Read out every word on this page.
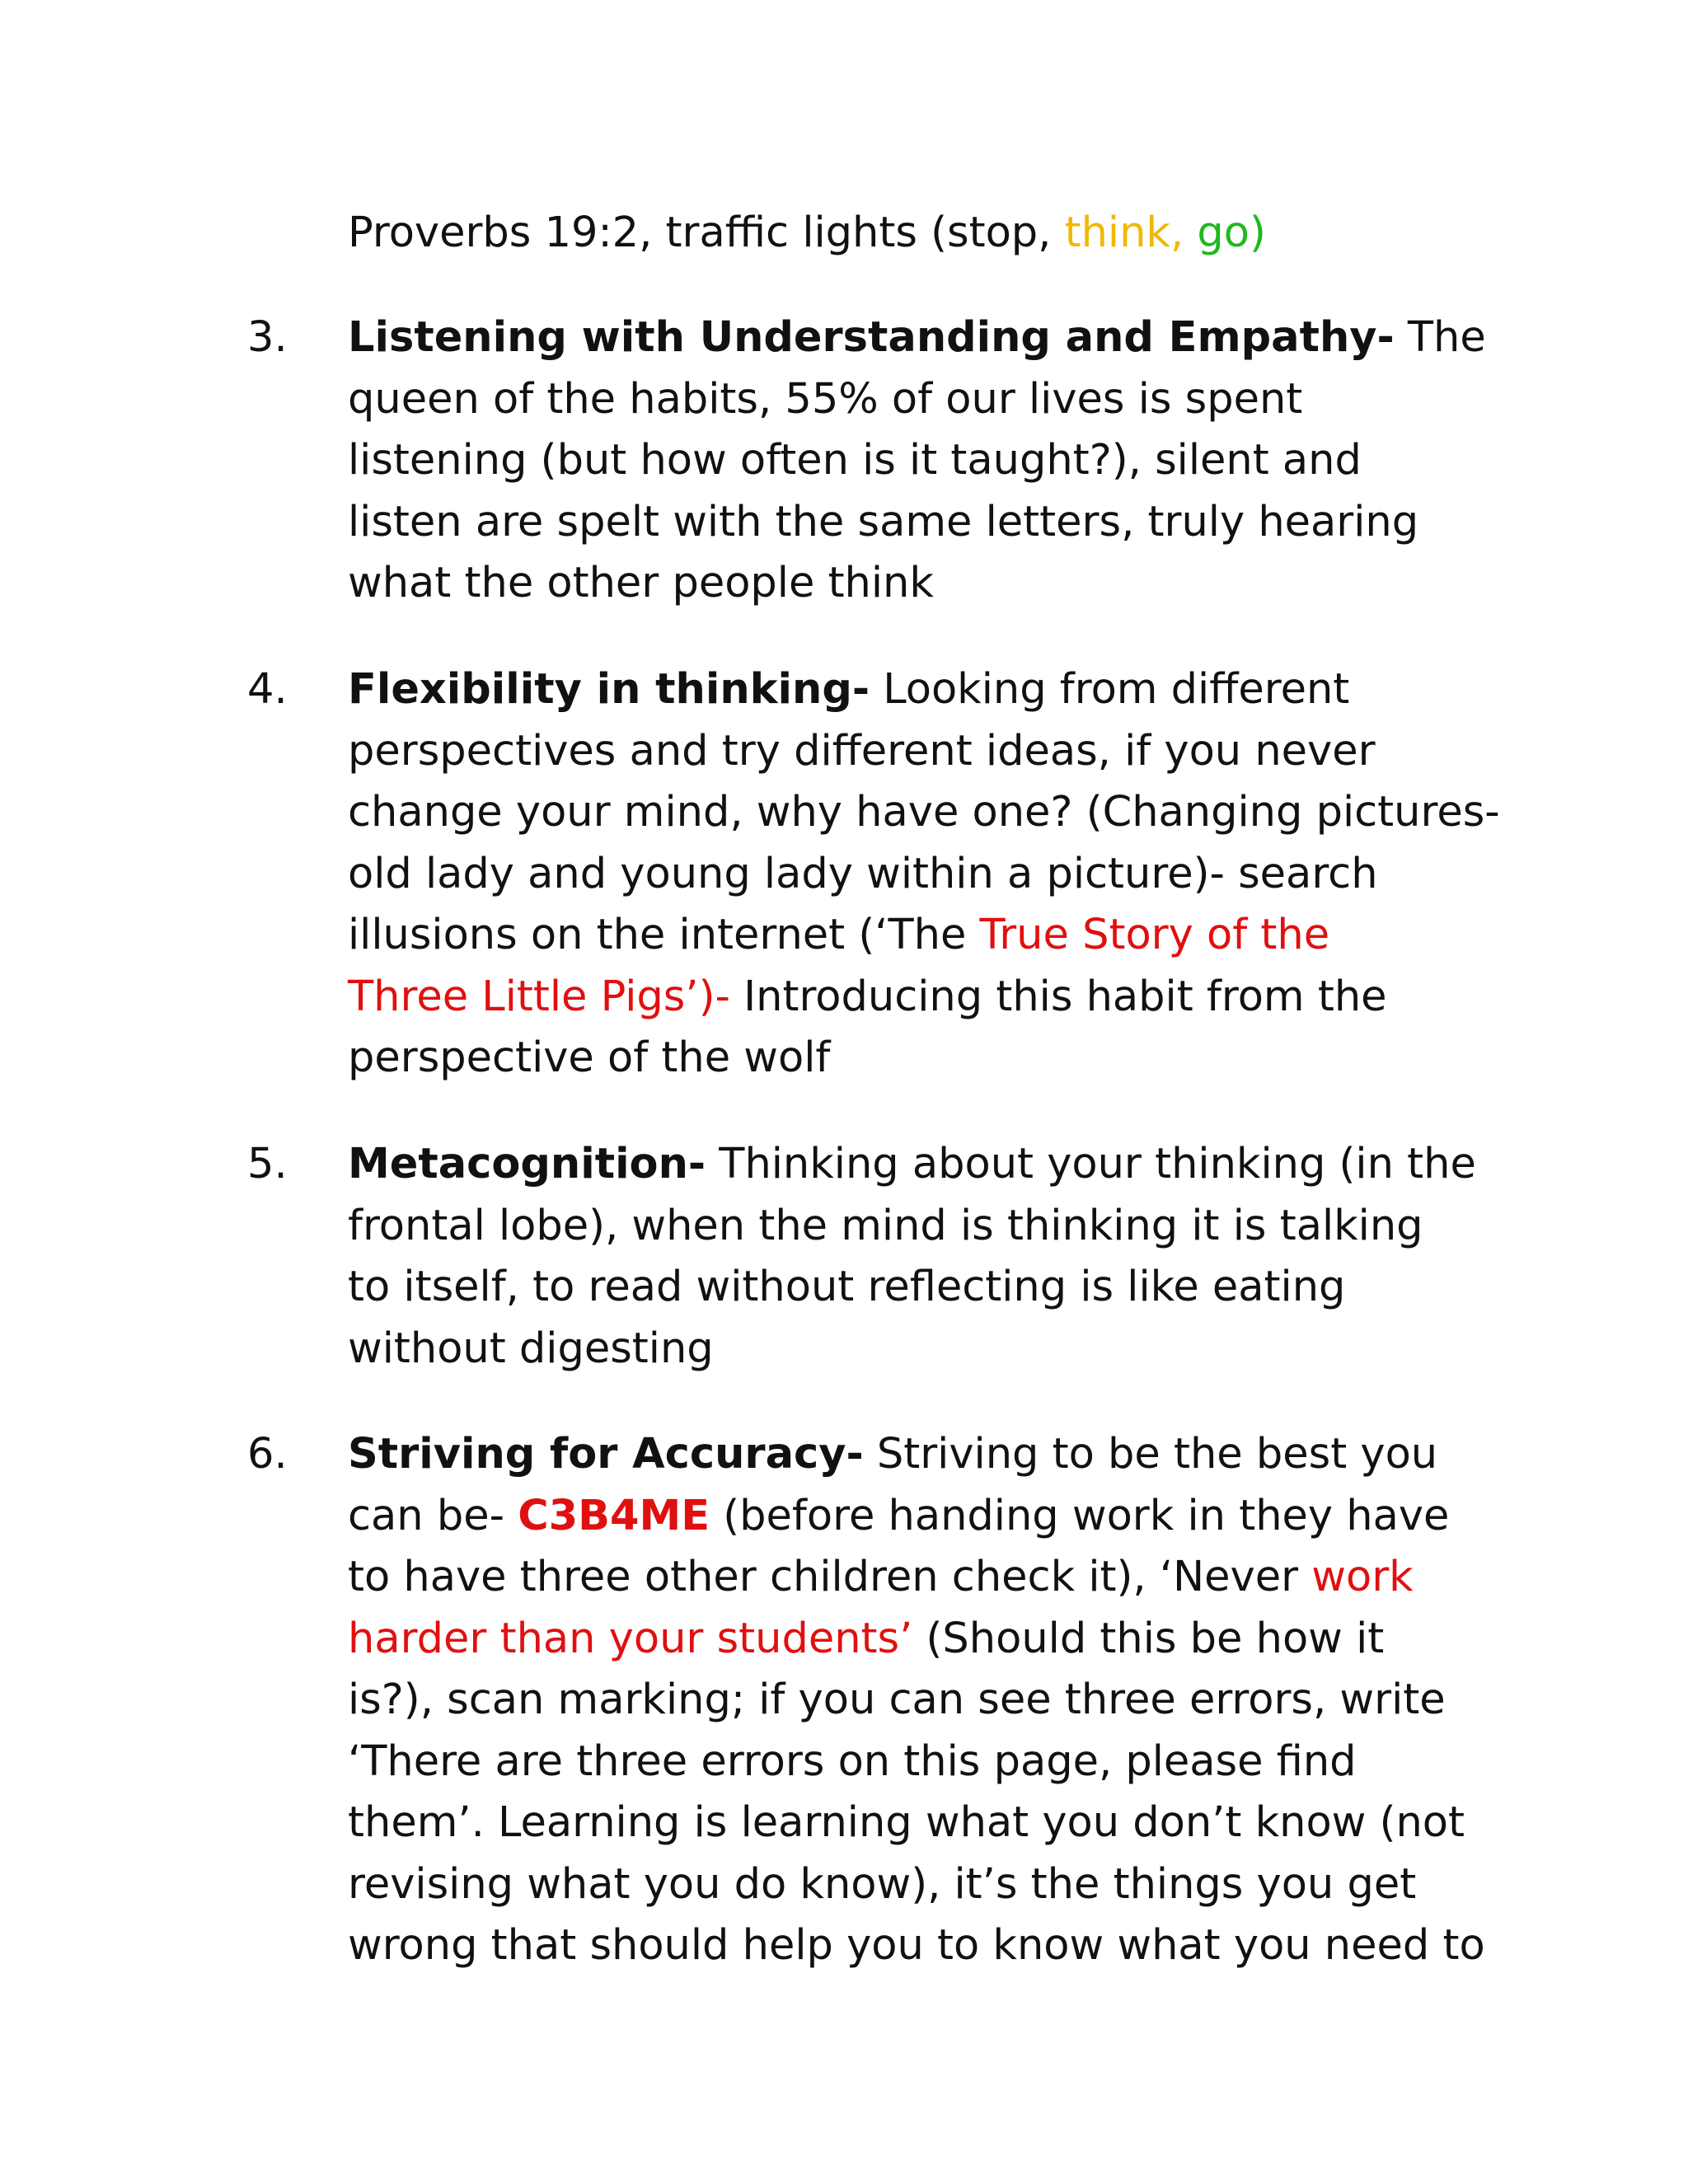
Proverbs 19:2, traffic lights (stop, think, go)
3. Listening with Understanding and Empathy- The
queen of the habits, 55% of our lives is spent
listening (but how often is it taught?), silent and
listen are spelt with the same letters, truly hearing
what the other people think
4. Flexibility in thinking- Looking from different
perspectives and try different ideas, if you never
change your mind, why have one? (Changing pictures-
old lady and young lady within a picture)- search
illusions on the internet (‘The True Story of the
Three Little Pigs’)- Introducing this habit from the
perspective of the wolf
5. Metacognition- Thinking about your thinking (in the
frontal lobe), when the mind is thinking it is talking
to itself, to read without reflecting is like eating
without digesting
6. Striving for Accuracy- Striving to be the best you
can be- C3B4ME (before handing work in they have
to have three other children check it), ‘Never work
harder than your students’ (Should this be how it
is?), scan marking; if you can see three errors, write
‘There are three errors on this page, please find
them’. Learning is learning what you don’t know (not
revising what you do know), it’s the things you get
wrong that should help you to know what you need to
